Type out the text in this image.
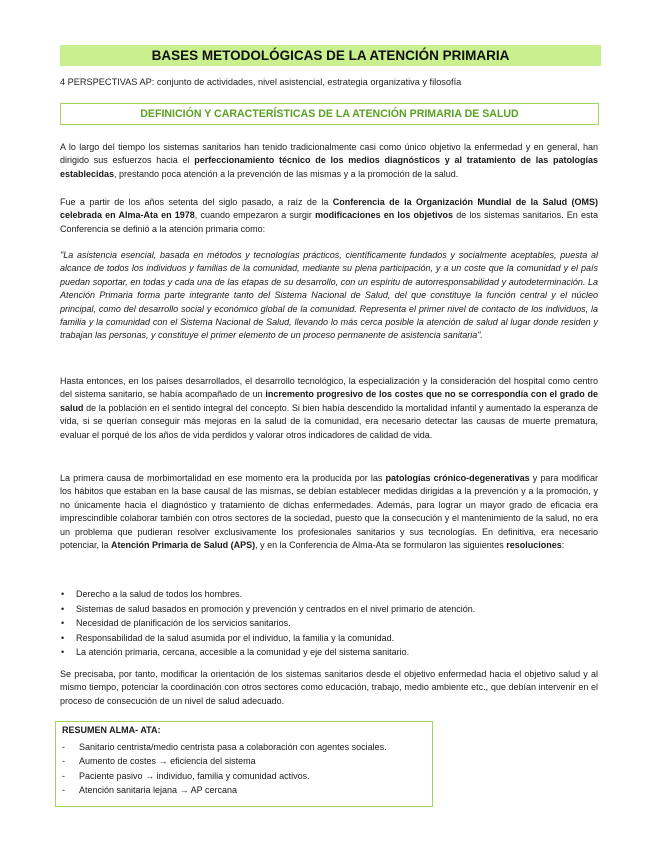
BASES METODOLÓGICAS DE LA ATENCIÓN PRIMARIA
4 PERSPECTIVAS AP: conjunto de actividades, nivel asistencial, estrategia organizativa y filosofía
DEFINICIÓN Y CARACTERÍSTICAS DE LA ATENCIÓN PRIMARIA DE SALUD
A lo largo del tiempo los sistemas sanitarios han tenido tradicionalmente casi como único objetivo la enfermedad y en general, han dirigido sus esfuerzos hacia el perfeccionamiento técnico de los medios diagnósticos y al tratamiento de las patologías establecidas, prestando poca atención a la prevención de las mismas y a la promoción de la salud.
Fue a partir de los años setenta del siglo pasado, a raíz de la Conferencia de la Organización Mundial de la Salud (OMS) celebrada en Alma-Ata en 1978, cuando empezaron a surgir modificaciones en los objetivos de los sistemas sanitarios. En esta Conferencia se definió a la atención primaria como:
"La asistencia esencial, basada en métodos y tecnologías prácticos, científicamente fundados y socialmente aceptables, puesta al alcance de todos los individuos y familias de la comunidad, mediante su plena participación, y a un coste que la comunidad y el país puedan soportar, en todas y cada una de las etapas de su desarrollo, con un espíritu de autorresponsabilidad y autodeterminación. La Atención Primaria forma parte integrante tanto del Sistema Nacional de Salud, del que constituye la función central y el núcleo principal, como del desarrollo social y económico global de la comunidad. Representa el primer nivel de contacto de los individuos, la familia y la comunidad con el Sistema Nacional de Salud, llevando lo más cerca posible la atención de salud al lugar donde residen y trabajan las personas, y constituye el primer elemento de un proceso permanente de asistencia sanitaria".
Hasta entonces, en los países desarrollados, el desarrollo tecnológico, la especialización y la consideración del hospital como centro del sistema sanitario, se había acompañado de un incremento progresivo de los costes que no se correspondía con el grado de salud de la población en el sentido integral del concepto. Si bien había descendido la mortalidad infantil y aumentado la esperanza de vida, si se querían conseguir más mejoras en la salud de la comunidad, era necesario detectar las causas de muerte prematura, evaluar el porqué de los años de vida perdidos y valorar otros indicadores de calidad de vida.
La primera causa de morbimortalidad en ese momento era la producida por las patologías crónico-degenerativas y para modificar los hábitos que estaban en la base causal de las mismas, se debían establecer medidas dirigidas a la prevención y a la promoción, y no únicamente hacia el diagnóstico y tratamiento de dichas enfermedades. Además, para lograr un mayor grado de eficacia era imprescindible colaborar también con otros sectores de la sociedad, puesto que la consecución y el mantenimiento de la salud, no era un problema que pudieran resolver exclusivamente los profesionales sanitarios y sus tecnologías. En definitiva, era necesario potenciar, la Atención Primaria de Salud (APS), y en la Conferencia de Alma-Ata se formularon las siguientes resoluciones:
• Derecho a la salud de todos los hombres.
• Sistemas de salud basados en promoción y prevención y centrados en el nivel primario de atención.
• Necesidad de planificación de los servicios sanitarios.
• Responsabilidad de la salud asumida por el individuo, la familia y la comunidad.
• La atención primaria, cercana, accesible a la comunidad y eje del sistema sanitario.
Se precisaba, por tanto, modificar la orientación de los sistemas sanitarios desde el objetivo enfermedad hacia el objetivo salud y al mismo tiempo, potenciar la coordinación con otros sectores como educación, trabajo, medio ambiente etc., que debían intervenir en el proceso de consecución de un nivel de salud adecuado.
RESUMEN ALMA- ATA:
- Sanitario centrista/medio centrista pasa a colaboración con agentes sociales.
- Aumento de costes → eficiencia del sistema
- Paciente pasivo → individuo, familia y comunidad activos.
- Atención sanitaria lejana → AP cercana
